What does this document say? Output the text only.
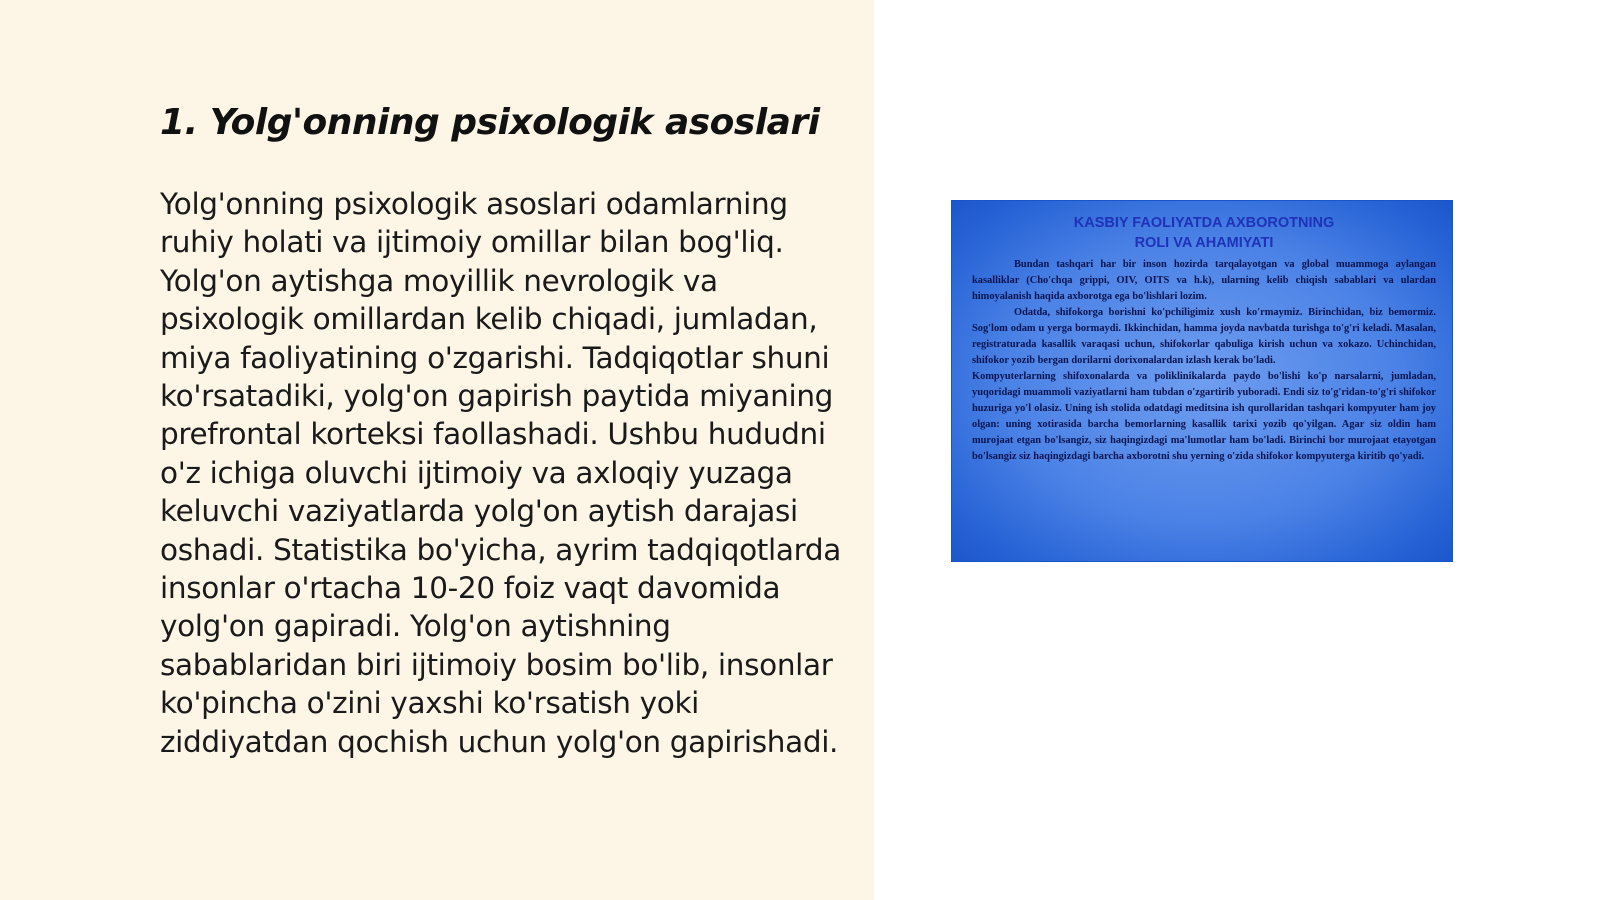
1. Yolg'onning psixologik asoslari

Yolg'onning psixologik asoslari odamlarning ruhiy holati va ijtimoiy omillar bilan bog'liq. Yolg'on aytishga moyillik nevrologik va psixologik omillardan kelib chiqadi, jumladan, miya faoliyatining o'zgarishi. Tadqiqotlar shuni ko'rsatadiki, yolg'on gapirish paytida miyaning prefrontal korteksi faollashadi. Ushbu hududni o'z ichiga oluvchi ijtimoiy va axloqiy yuzaga keluvchi vaziyatlarda yolg'on aytish darajasi oshadi. Statistika bo'yicha, ayrim tadqiqotlarda insonlar o'rtacha 10-20 foiz vaqt davomida yolg'on gapiradi. Yolg'on aytishning sabablaridan biri ijtimoiy bosim bo'lib, insonlar ko'pincha o'zini yaxshi ko'rsatish yoki ziddiyatdan qochish uchun yolg'on gapirishadi.

KASBIY FAOLIYATDA AXBOROTNING
ROLI VA AHAMIYATI

Bundan tashqari har bir inson hozirda tarqalayotgan va global muammoga aylangan kasalliklar (Cho'chqa grippi, OIV, OITS va h.k), ularning kelib chiqish sabablari va ulardan himoyalanish haqida axborotga ega bo'lishlari lozim.

Odatda, shifokorga borishni ko'pchiligimiz xush ko'rmaymiz. Birinchidan, biz bemormiz. Sog'lom odam u yerga bormaydi. Ikkinchidan, hamma joyda navbatda turishga to'g'ri keladi. Masalan, registraturada kasallik varaqasi uchun, shifokorlar qabuliga kirish uchun va xokazo. Uchinchidan, shifokor yozib bergan dorilarni dorixonalardan izlash kerak bo'ladi.

Kompyuterlarning shifoxonalarda va poliklinikalarda paydo bo'lishi ko'p narsalarni, jumladan, yuqoridagi muammoli vaziyatlarni ham tubdan o'zgartirib yuboradi. Endi siz to'g'ridan-to'g'ri shifokor huzuriga yo'l olasiz. Uning ish stolida odatdagi meditsina ish qurollaridan tashqari kompyuter ham joy olgan: uning xotirasida barcha bemorlarning kasallik tarixi yozib qo'yilgan. Agar siz oldin ham murojaat etgan bo'lsangiz, siz haqingizdagi ma'lumotlar ham bo'ladi. Birinchi bor murojaat etayotgan bo'lsangiz siz haqingizdagi barcha axborotni shu yerning o'zida shifokor kompyuterga kiritib qo'yadi.
